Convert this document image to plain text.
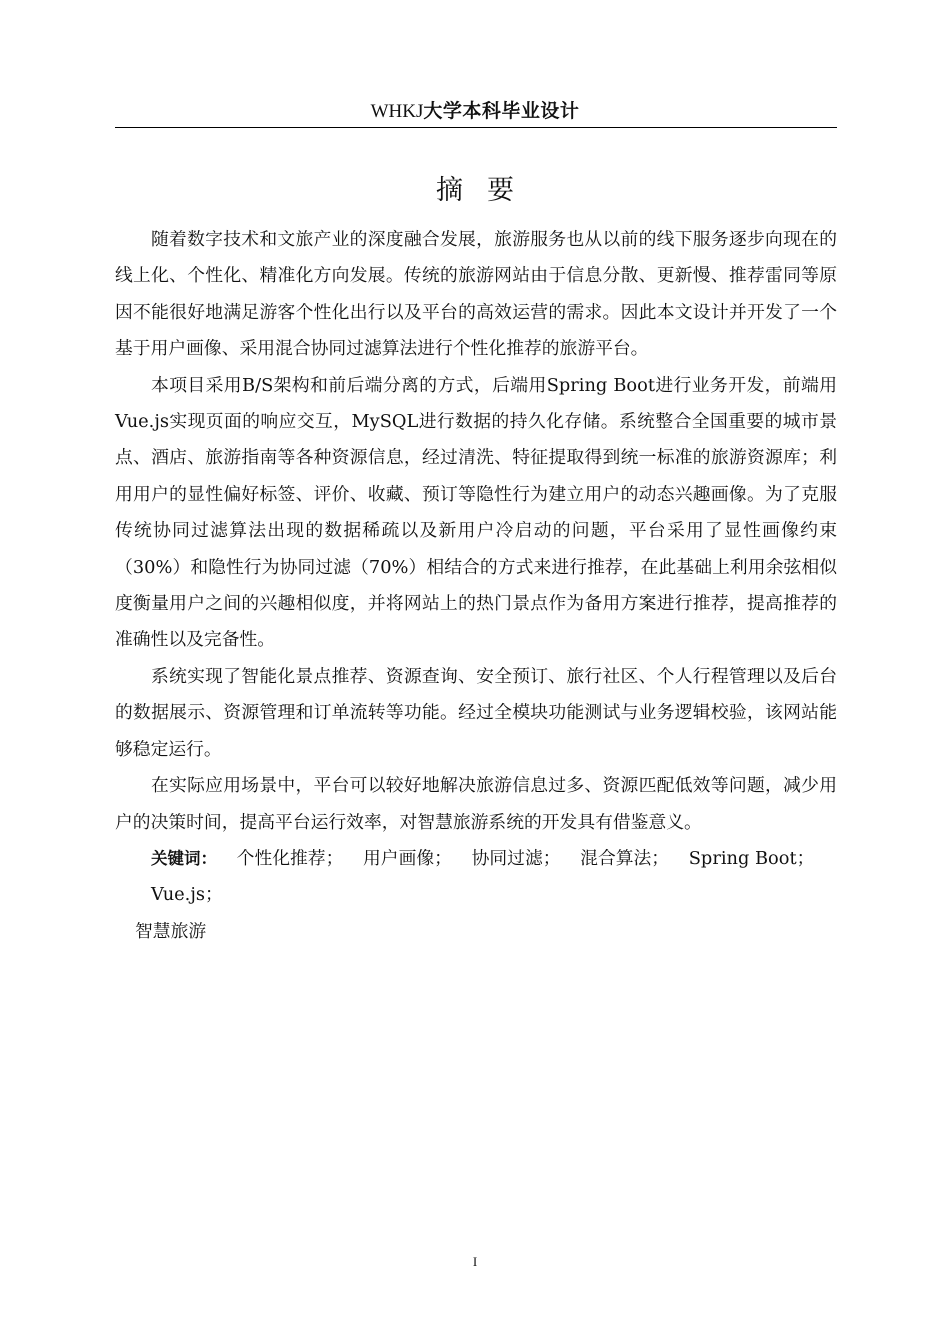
WHKJ大学本科毕业设计
摘要

随着数字技术和文旅产业的深度融合发展，旅游服务也从以前的线下服务逐步向现在的线上化、个性化、精准化方向发展。传统的旅游网站由于信息分散、更新慢、推荐雷同等原因不能很好地满足游客个性化出行以及平台的高效运营的需求。因此本文设计并开发了一个基于用户画像、采用混合协同过滤算法进行个性化推荐的旅游平台。

本项目采用B/S架构和前后端分离的方式，后端用Spring Boot进行业务开发，前端用Vue.js实现页面的响应交互，MySQL进行数据的持久化存储。系统整合全国重要的城市景点、酒店、旅游指南等各种资源信息，经过清洗、特征提取得到统一标准的旅游资源库；利用用户的显性偏好标签、评价、收藏、预订等隐性行为建立用户的动态兴趣画像。为了克服传统协同过滤算法出现的数据稀疏以及新用户冷启动的问题，平台采用了显性画像约束（30%）和隐性行为协同过滤（70%）相结合的方式来进行推荐，在此基础上利用余弦相似度衡量用户之间的兴趣相似度，并将网站上的热门景点作为备用方案进行推荐，提高推荐的准确性以及完备性。

系统实现了智能化景点推荐、资源查询、安全预订、旅行社区、个人行程管理以及后台的数据展示、资源管理和订单流转等功能。经过全模块功能测试与业务逻辑校验，该网站能够稳定运行。

在实际应用场景中，平台可以较好地解决旅游信息过多、资源匹配低效等问题，减少用户的决策时间，提高平台运行效率，对智慧旅游系统的开发具有借鉴意义。

关键词： 个性化推荐； 用户画像； 协同过滤； 混合算法； Spring Boot； Vue.js；
智慧旅游
I
